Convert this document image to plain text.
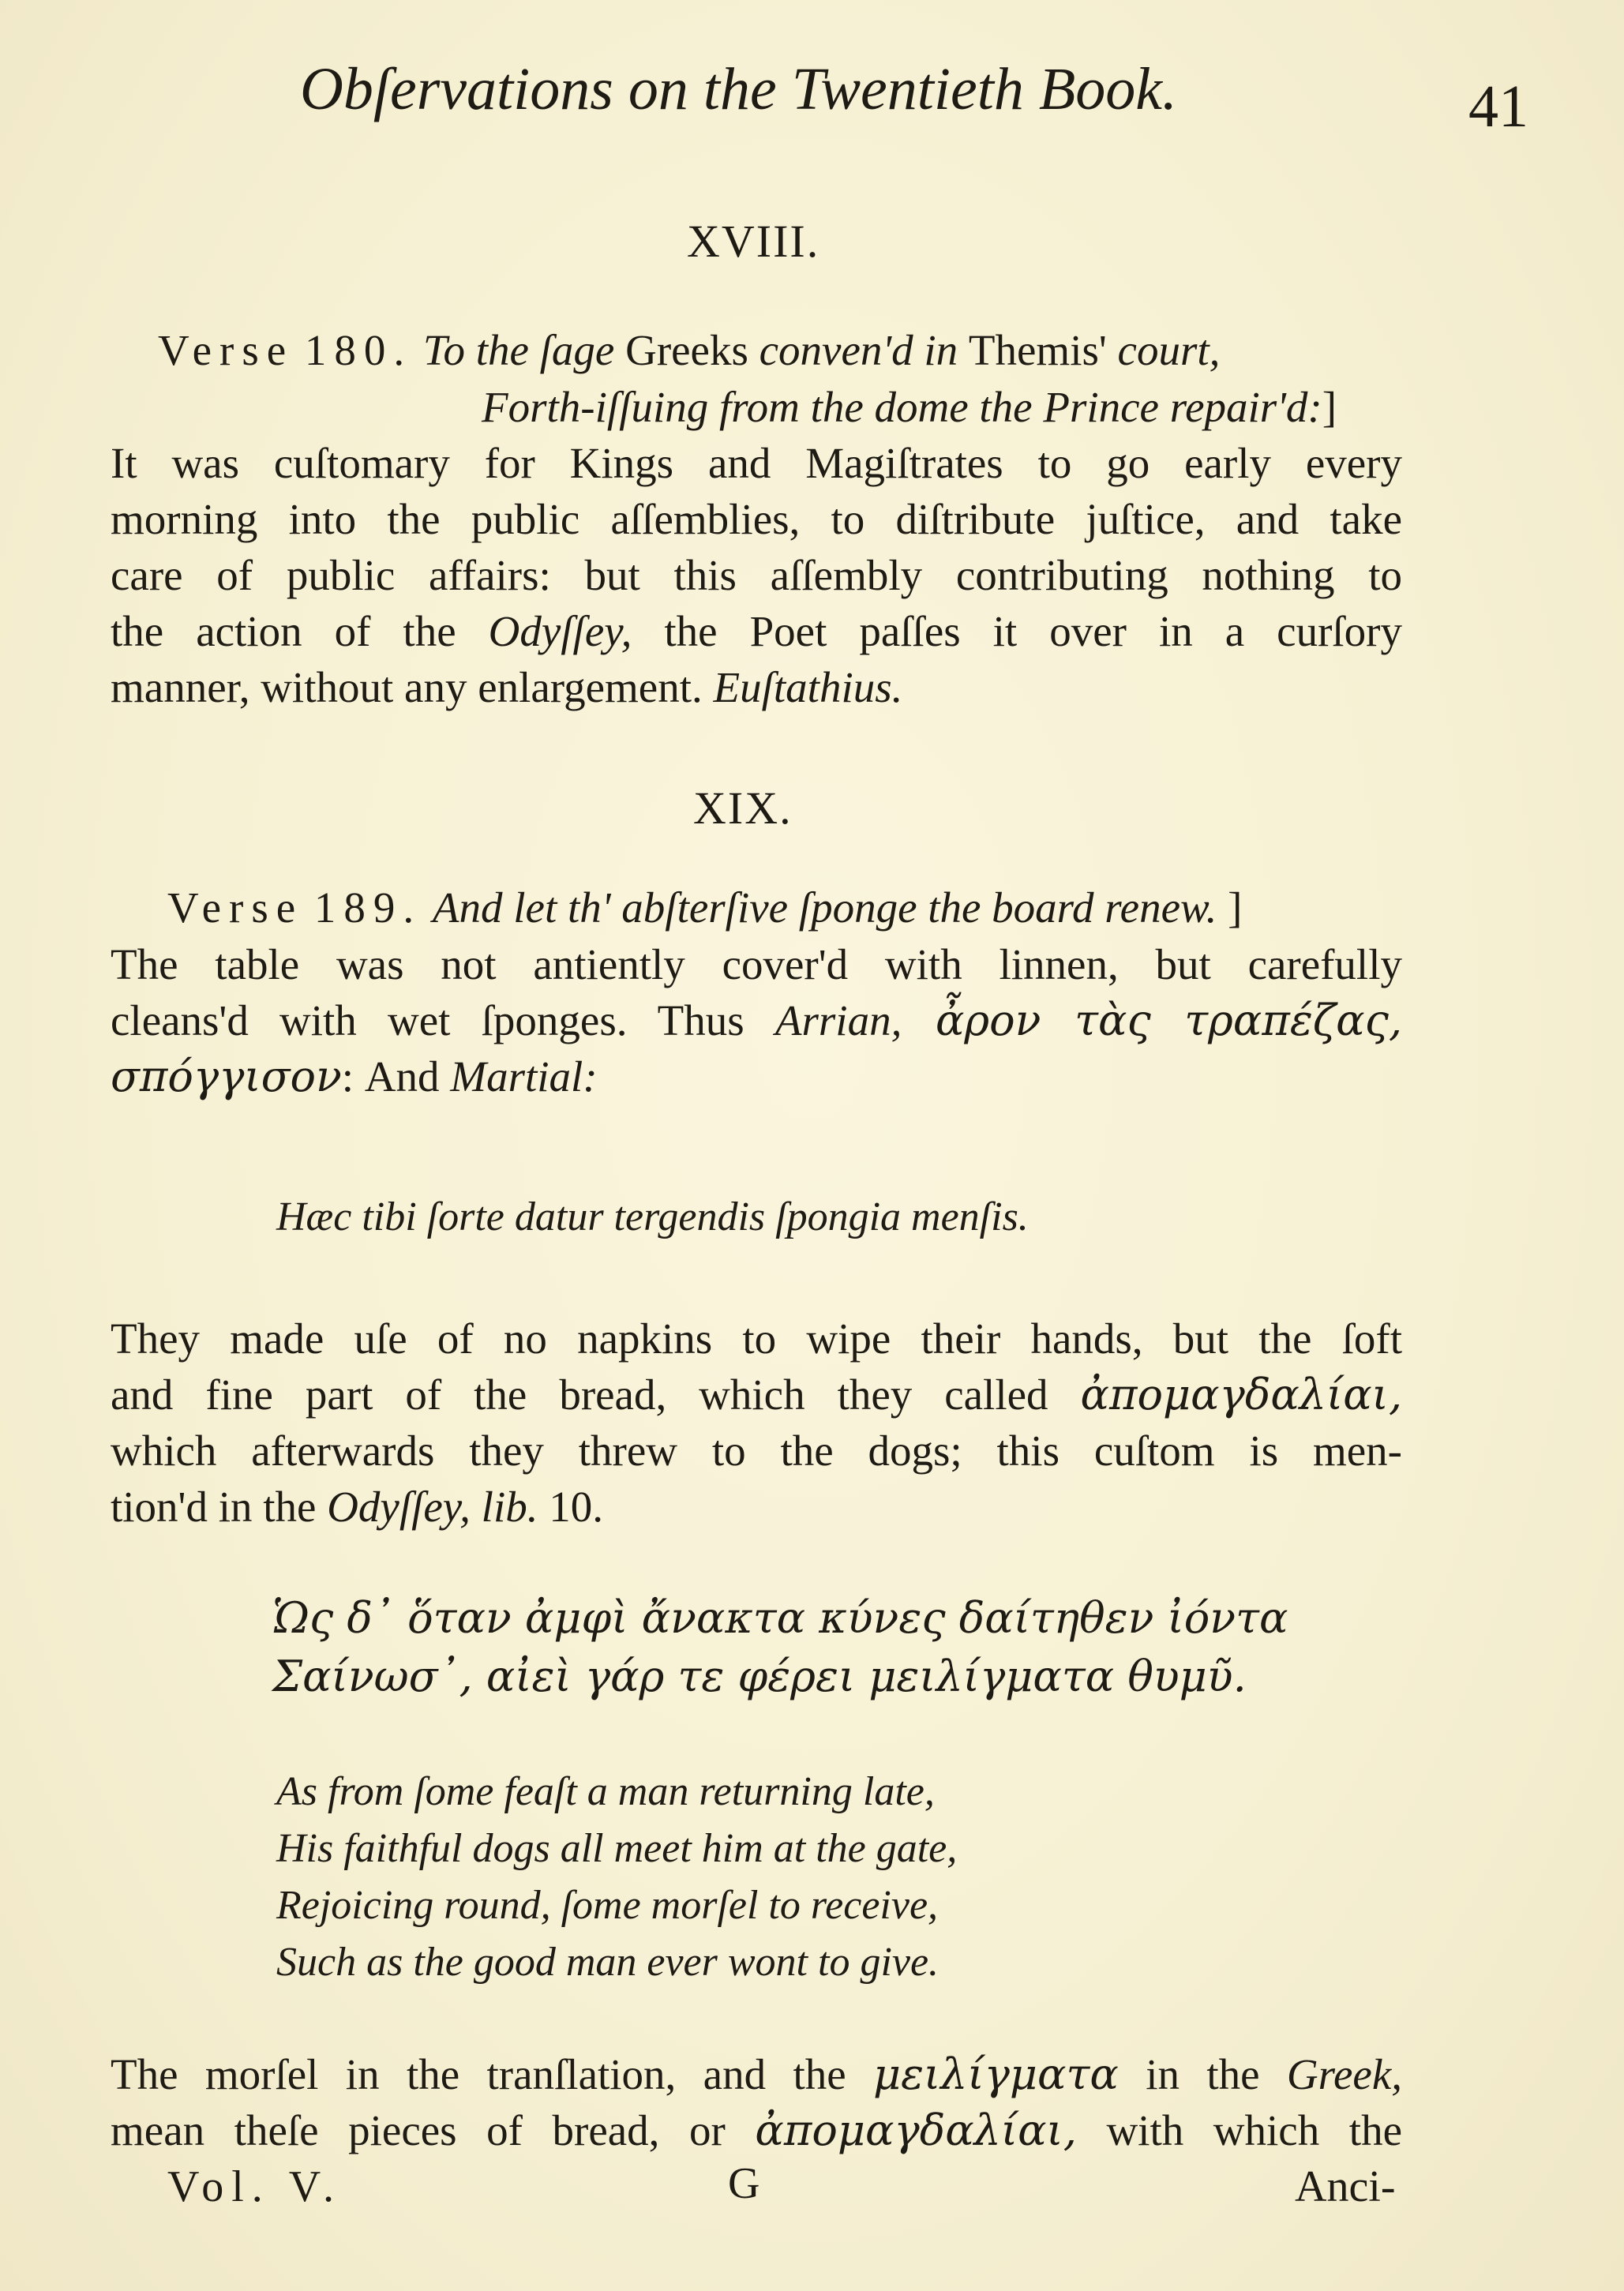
Obſervations on the Twentieth Book.	41
XVIII.
Verse 180. To the ſage Greeks conven'd in Themis' court,
Forth-iſſuing from the dome the Prince repair'd:]
It was cuſtomary for Kings and Magiſtrates to go early every
morning into the public aſſemblies, to diſtribute juſtice, and take
care of public affairs: but this aſſembly contributing nothing to
the action of the Odyſſey, the Poet paſſes it over in a curſory
manner, without any enlargement. Euſtathius.
XIX.
Verse 189. And let th' abſterſive ſponge the board renew. ]
The table was not antiently cover'd with linnen, but carefully
cleans'd with wet ſponges. Thus Arrian, ἆρον τὰς τραπέζας,
σπόγγισον: And Martial:
Hæc tibi ſorte datur tergendis ſpongia menſis.
They made uſe of no napkins to wipe their hands, but the ſoft
and fine part of the bread, which they called ἀπομαγδαλίαι,
which afterwards they threw to the dogs; this cuſtom is men-
tion'd in the Odyſſey, lib. 10.
Ὡς δ᾽ ὅταν ἀμφὶ ἄνακτα κύνες δαίτηθεν ἰόντα
Σαίνωσ᾽, αἰεὶ γάρ τε φέρει μειλίγματα θυμῦ.
As from ſome feaſt a man returning late,
His faithful dogs all meet him at the gate,
Rejoicing round, ſome morſel to receive,
Such as the good man ever wont to give.
The morſel in the tranſlation, and the μειλίγματα in the Greek,
mean theſe pieces of bread, or ἀπομαγδαλίαι, with which the
Vol. V.	G	Anci-
